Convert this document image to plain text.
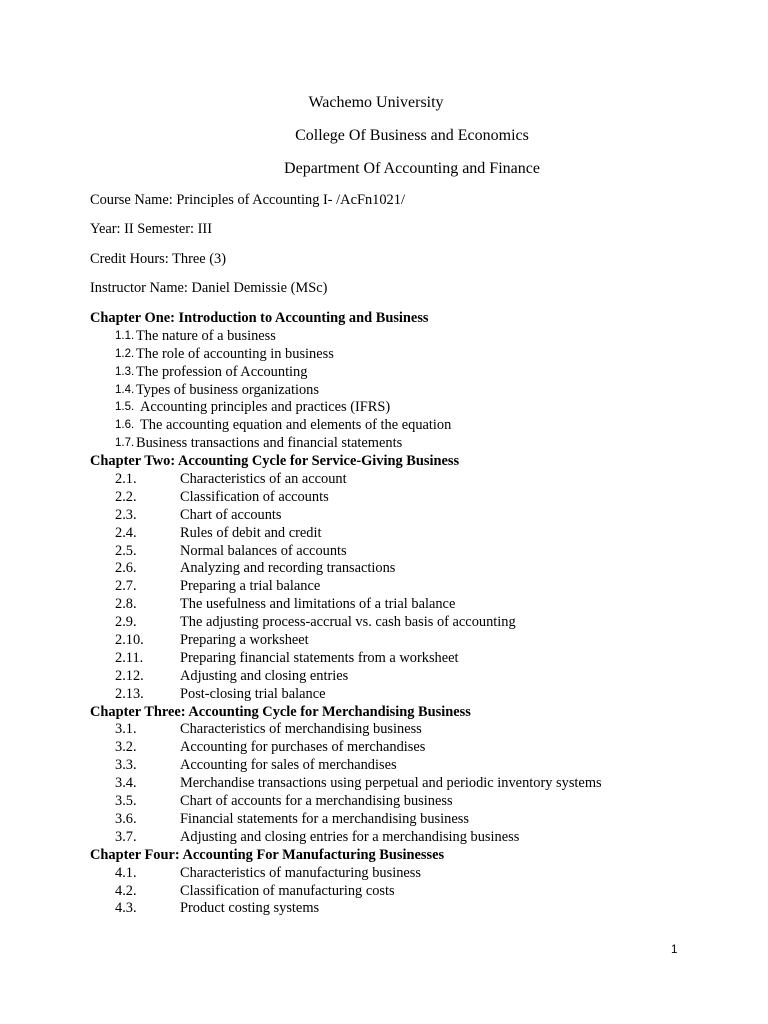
Wachemo University
College Of Business and Economics
Department Of Accounting and Finance
Course Name: Principles of Accounting I- /AcFn1021/
Year: II Semester: III
Credit Hours: Three (3)
Instructor Name: Daniel Demissie (MSc)
Chapter One: Introduction to Accounting and Business
1.1. The nature of a business
1.2. The role of accounting in business
1.3. The profession of Accounting
1.4. Types of business organizations
1.5. Accounting principles and practices (IFRS)
1.6. The accounting equation and elements of the equation
1.7. Business transactions and financial statements
Chapter Two: Accounting Cycle for Service-Giving Business
2.1.	Characteristics of an account
2.2.	Classification of accounts
2.3.	Chart of accounts
2.4.	Rules of debit and credit
2.5.	Normal balances of accounts
2.6.	Analyzing and recording transactions
2.7.	Preparing a trial balance
2.8.	The usefulness and limitations of a trial balance
2.9.	The adjusting process-accrual vs. cash basis of accounting
2.10.	Preparing a worksheet
2.11.	Preparing financial statements from a worksheet
2.12.	Adjusting and closing entries
2.13.	Post-closing trial balance
Chapter Three: Accounting Cycle for Merchandising Business
3.1.	Characteristics of merchandising business
3.2.	Accounting for purchases of merchandises
3.3.	Accounting for sales of merchandises
3.4.	Merchandise transactions using perpetual and periodic inventory systems
3.5.	Chart of accounts for a merchandising business
3.6.	Financial statements for a merchandising business
3.7.	Adjusting and closing entries for a merchandising business
Chapter Four: Accounting For Manufacturing Businesses
4.1.	Characteristics of manufacturing business
4.2.	Classification of manufacturing costs
4.3.	Product costing systems
1
